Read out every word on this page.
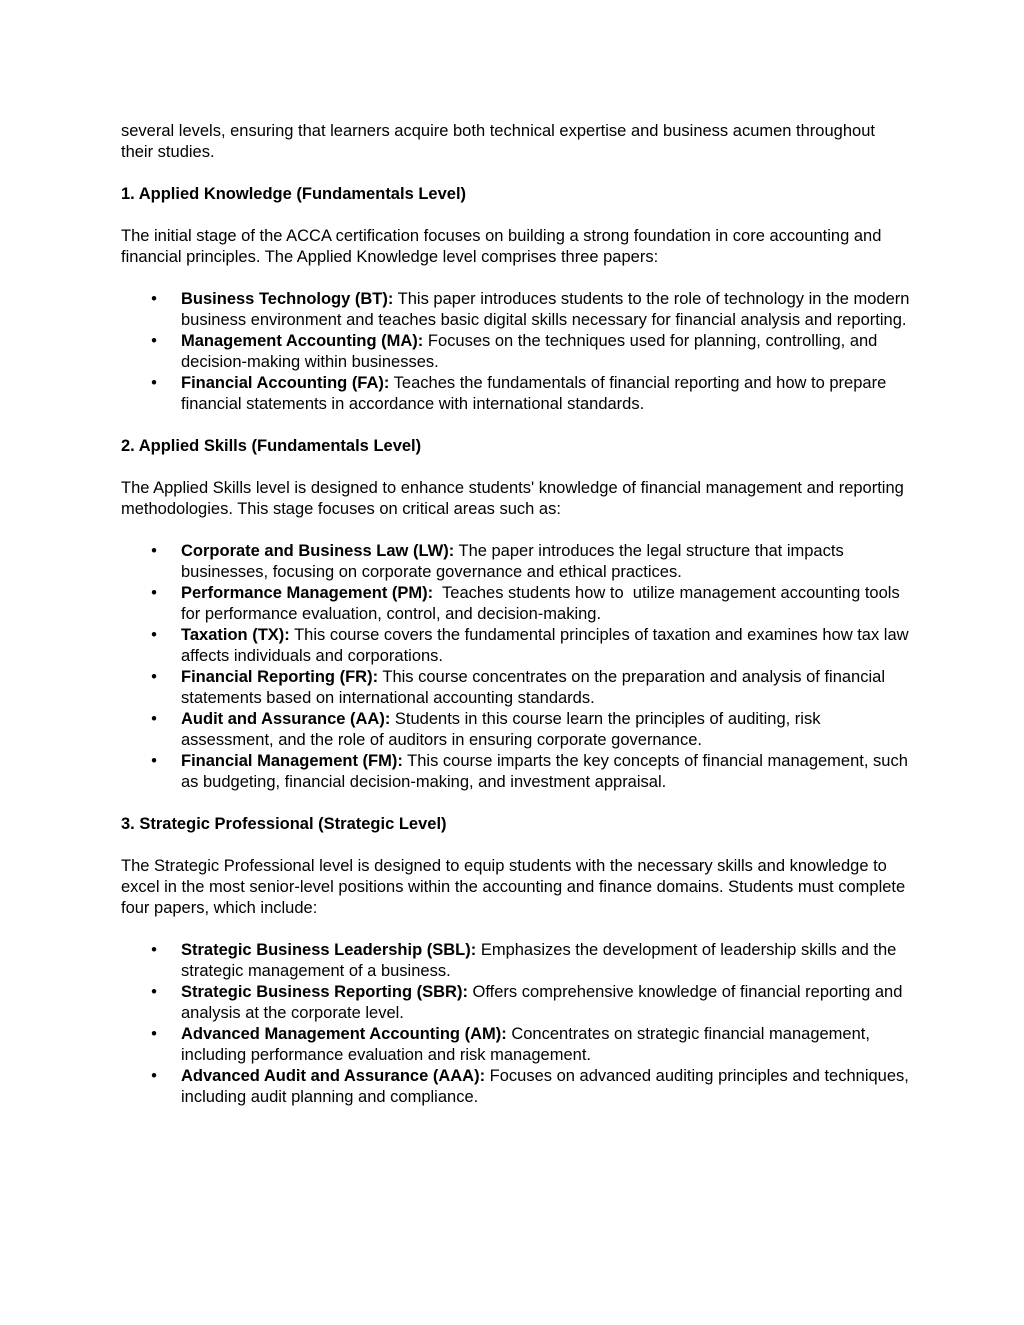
several levels, ensuring that learners acquire both technical expertise and business acumen throughout their studies.

1. Applied Knowledge (Fundamentals Level)

The initial stage of the ACCA certification focuses on building a strong foundation in core accounting and financial principles. The Applied Knowledge level comprises three papers:

• Business Technology (BT): This paper introduces students to the role of technology in the modern business environment and teaches basic digital skills necessary for financial analysis and reporting.
• Management Accounting (MA): Focuses on the techniques used for planning, controlling, and decision-making within businesses.
• Financial Accounting (FA): Teaches the fundamentals of financial reporting and how to prepare financial statements in accordance with international standards.
2. Applied Skills (Fundamentals Level)

The Applied Skills level is designed to enhance students' knowledge of financial management and reporting methodologies. This stage focuses on critical areas such as:

• Corporate and Business Law (LW): The paper introduces the legal structure that impacts businesses, focusing on corporate governance and ethical practices.
• Performance Management (PM):  Teaches students how to  utilize management accounting tools for performance evaluation, control, and decision-making.
• Taxation (TX): This course covers the fundamental principles of taxation and examines how tax law affects individuals and corporations.
• Financial Reporting (FR): This course concentrates on the preparation and analysis of financial statements based on international accounting standards.
• Audit and Assurance (AA): Students in this course learn the principles of auditing, risk assessment, and the role of auditors in ensuring corporate governance.
• Financial Management (FM): This course imparts the key concepts of financial management, such as budgeting, financial decision-making, and investment appraisal.
3. Strategic Professional (Strategic Level)

The Strategic Professional level is designed to equip students with the necessary skills and knowledge to excel in the most senior-level positions within the accounting and finance domains. Students must complete four papers, which include:

• Strategic Business Leadership (SBL): Emphasizes the development of leadership skills and the strategic management of a business.
• Strategic Business Reporting (SBR): Offers comprehensive knowledge of financial reporting and analysis at the corporate level.
• Advanced Management Accounting (AM): Concentrates on strategic financial management, including performance evaluation and risk management.
• Advanced Audit and Assurance (AAA): Focuses on advanced auditing principles and techniques, including audit planning and compliance.
